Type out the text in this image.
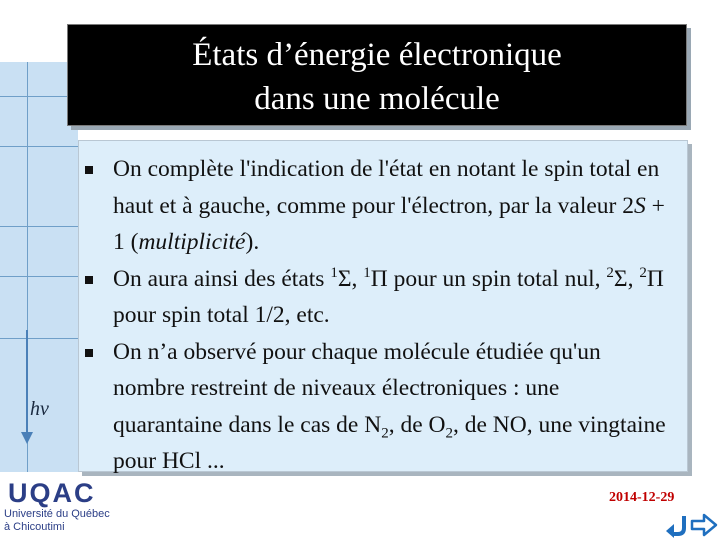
hν
États d’énergie électronique
dans une molécule
On complète l'indication de l'état en notant le spin total en haut et à gauche, comme pour l'électron, par la valeur 2S + 1 (multiplicité).
On aura ainsi des états $^1$Σ, $^1$Π pour un spin total nul, $^2$Σ, $^2$Π pour spin total 1/2, etc.
On n’a observé pour chaque molécule étudiée qu'un nombre restreint de niveaux électroniques : une quarantaine dans le cas de $N_2$, de $O_2$, de NO, une vingtaine pour HCl ...
UQAC
Université du Québec
à Chicoutimi
2014-12-29
